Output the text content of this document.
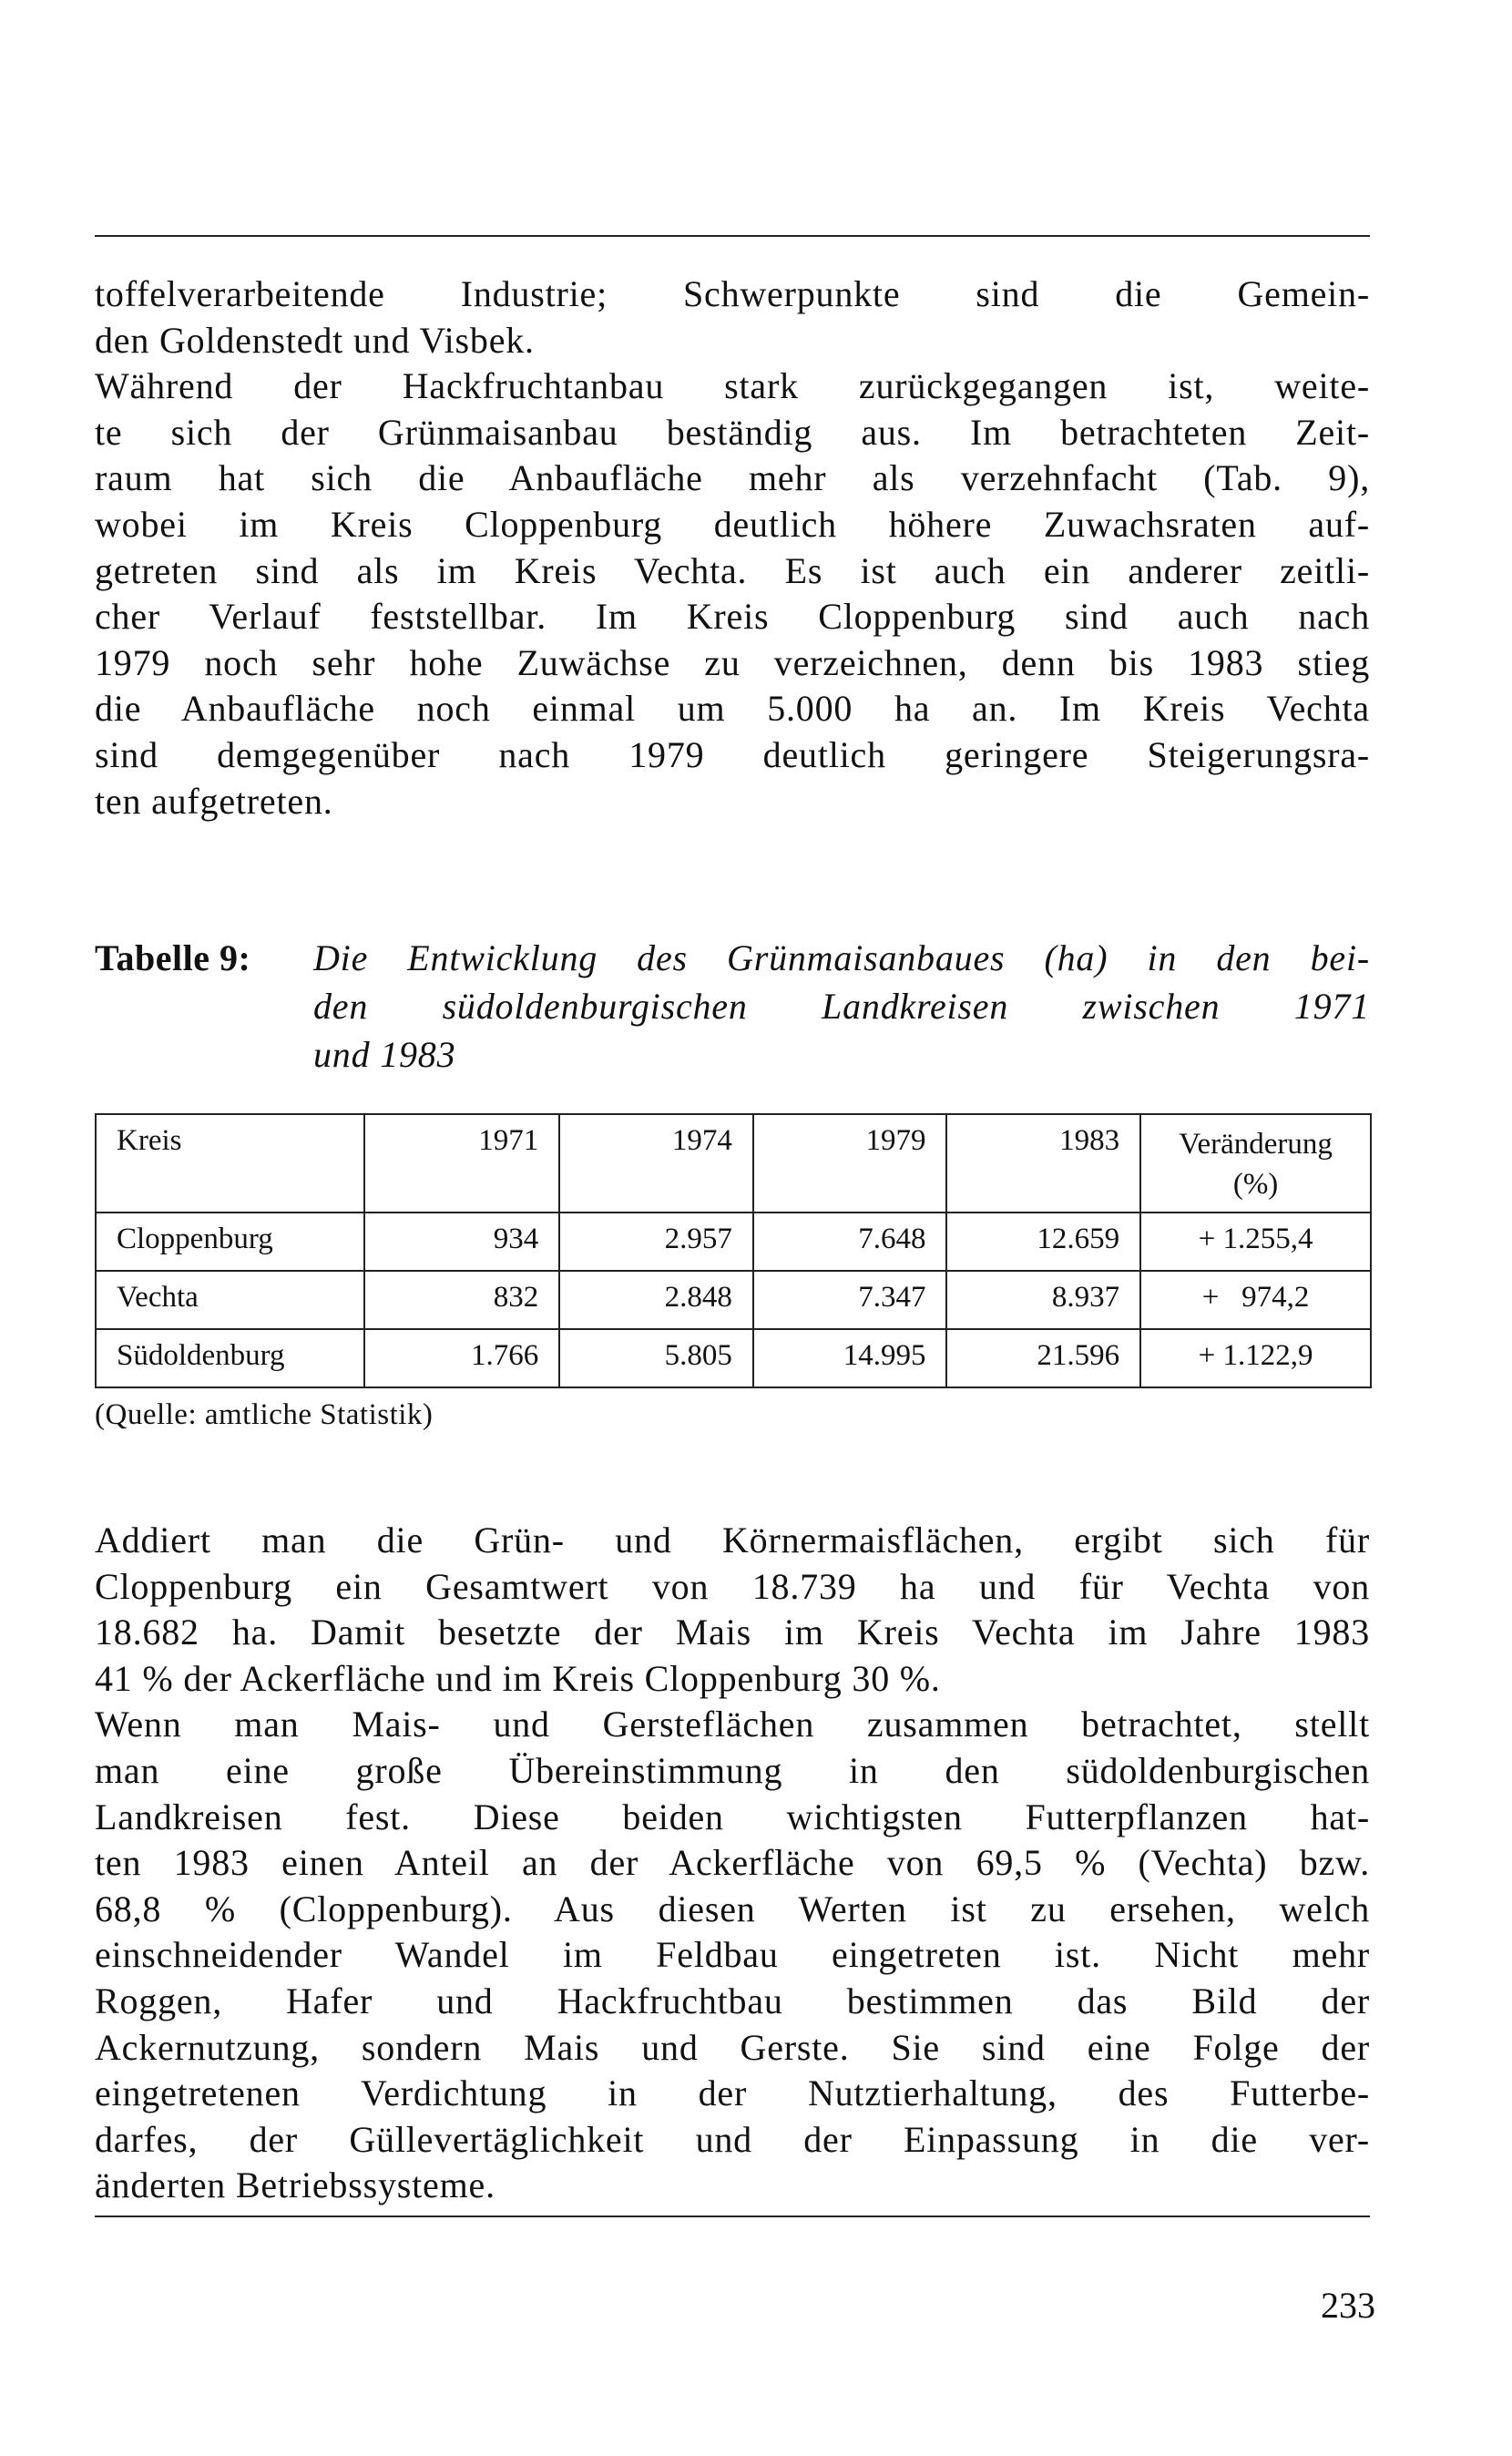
toffelverarbeitende Industrie; Schwerpunkte sind die Gemein-
den Goldenstedt und Visbek.
Während der Hackfruchtanbau stark zurückgegangen ist, weite-
te sich der Grünmaisanbau beständig aus. Im betrachteten Zeit-
raum hat sich die Anbaufläche mehr als verzehnfacht (Tab. 9),
wobei im Kreis Cloppenburg deutlich höhere Zuwachsraten auf-
getreten sind als im Kreis Vechta. Es ist auch ein anderer zeitli-
cher Verlauf feststellbar. Im Kreis Cloppenburg sind auch nach
1979 noch sehr hohe Zuwächse zu verzeichnen, denn bis 1983 stieg
die Anbaufläche noch einmal um 5.000 ha an. Im Kreis Vechta
sind demgegenüber nach 1979 deutlich geringere Steigerungsra-
ten aufgetreten.
Tabelle 9: Die Entwicklung des Grünmaisanbaues (ha) in den bei-
den südoldenburgischen Landkreisen zwischen 1971
und 1983
Kreis	1971	1974	1979	1983	Veränderung
(%)

Cloppenburg	934	2.957	7.648	12.659	+ 1.255,4
Vechta	832	2.848	7.347	8.937	+   974,2
Südoldenburg	1.766	5.805	14.995	21.596	+ 1.122,9
(Quelle: amtliche Statistik)
Addiert man die Grün- und Körnermaisflächen, ergibt sich für
Cloppenburg ein Gesamtwert von 18.739 ha und für Vechta von
18.682 ha. Damit besetzte der Mais im Kreis Vechta im Jahre 1983
41 % der Ackerfläche und im Kreis Cloppenburg 30 %.
Wenn man Mais- und Gersteflächen zusammen betrachtet, stellt
man eine große Übereinstimmung in den südoldenburgischen
Landkreisen fest. Diese beiden wichtigsten Futterpflanzen hat-
ten 1983 einen Anteil an der Ackerfläche von 69,5 % (Vechta) bzw.
68,8 % (Cloppenburg). Aus diesen Werten ist zu ersehen, welch
einschneidender Wandel im Feldbau eingetreten ist. Nicht mehr
Roggen, Hafer und Hackfruchtbau bestimmen das Bild der
Ackernutzung, sondern Mais und Gerste. Sie sind eine Folge der
eingetretenen Verdichtung in der Nutztierhaltung, des Futterbe-
darfes, der Güllevertäglichkeit und der Einpassung in die ver-
änderten Betriebssysteme.
233
